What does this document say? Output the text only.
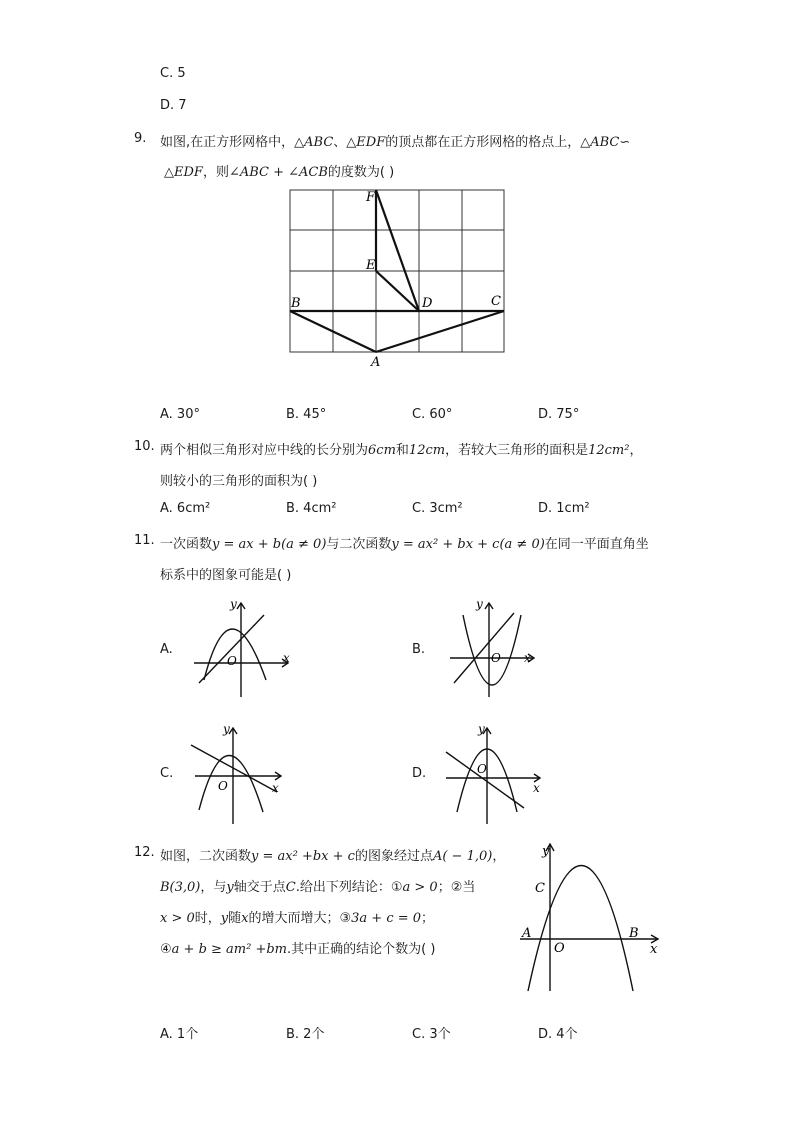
C. 5
D. 7
9. 如图,在正方形网格中，△ABC、△EDF的顶点都在正方形网格的格点上，△ABC∽
△EDF，则∠ABC + ∠ACB的度数为( )
F
E
D
B	C
A
A. 30°	B. 45°	C. 60°	D. 75°
10. 两个相似三角形对应中线的长分别为6cm和12cm，若较大三角形的面积是12cm²，
则较小的三角形的面积为( )
A. 6cm²	B. 4cm²	C. 3cm²	D. 1cm²
11. 一次函数y = ax + b(a ≠ 0)与二次函数y = ax² + bx + c(a ≠ 0)在同一平面直角坐
标系中的图象可能是( )
A.
O	x
y
B.
O x
y
C.
O	x
y
D.	O
x
y
12. 如图，二次函数y = ax² +bx + c的图象经过点A( − 1,0)，
B(3,0)，与y轴交于点C.给出下列结论：①a > 0；②当
x > 0时，y随x的增大而增大；③3a + c = 0；
④a + b ≥ am² +bm.其中正确的结论个数为( )
y
x
C
A
O
B
A. 1个	B. 2个	C. 3个	D. 4个
